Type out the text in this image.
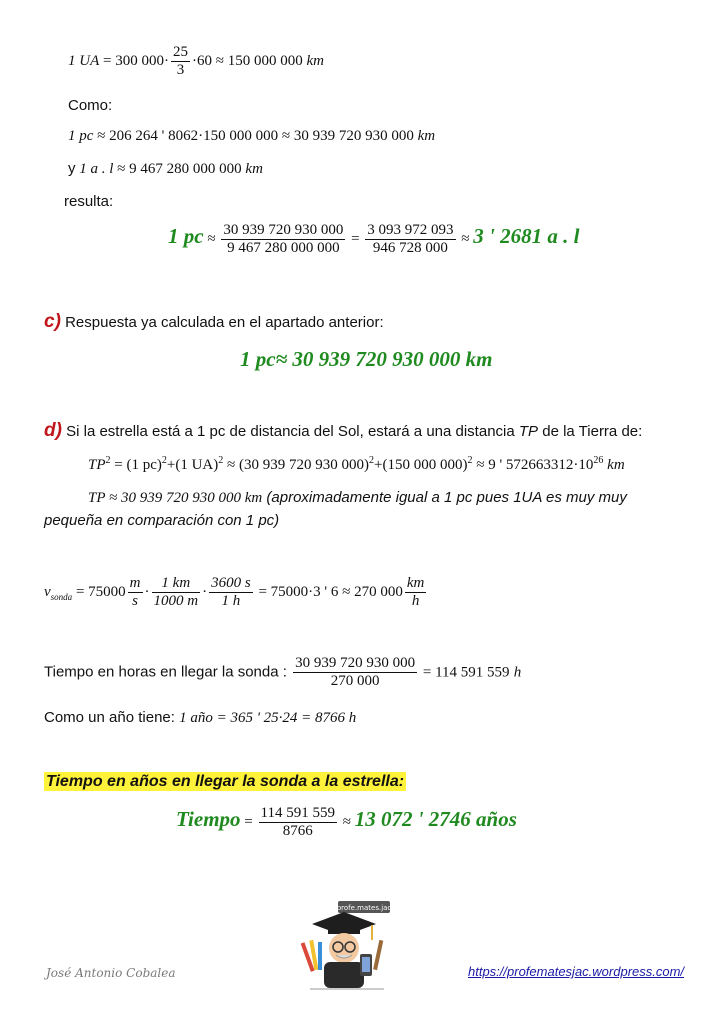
1 UA = 300 $000\cdot \frac{25}{3} \cdot 60 \approx 150$ 000 000 km
Como:
1 pc ≈ 206 264 ' 8062·150 000 000 ≈ 30 939 720 930 000 km
y 1 a . l ≈ 9 467 280 000 000 km
resulta:
1 pc ≈ $\frac{30 939 720 930 000}{9 467 280 000 000} = \frac{3 093 972 093}{946 728 000} \approx 3$ ' 2681 a . l
c) Respuesta ya calculada en el apartado anterior:
1 pc≈ 30 939 720 930 000 km
d) Si la estrella está a 1 pc de distancia del Sol, estará a una distancia TP de la Tierra de:
$TP^2 = (1$ pc)$^2$+(1 UA)$^2$ ≈ (30 939 720 930 000)$^2$+(150 000 000)$^2$ ≈ 9 ' $572663312\cdot 10^{26}$ km
TP ≈ 30 939 720 930 000 km (aproximadamente igual a 1 pc pues 1UA es muy muy
pequeña en comparación con 1 pc)
$v_{sonda} = 75000 \frac{m}{s} \cdot \frac{1 km}{1000 m} \cdot \frac{3600 s}{1 h} = 75000\cdot 3$ ' 6 ≈ 270 $000 \frac{km}{h}$
Tiempo en horas en llegar la sonda : $\frac{30 939 720 930 000}{270 000} = 114$ 591 559 h
Como un año tiene: 1 año = 365 ' 25·24 = 8766 h
Tiempo en años en llegar la sonda a la estrella:
Tiempo = $\frac{114 591 559}{8766} \approx 13$ 072 ' 2746 años
profe.mates.jac
José Antonio Cobalea	https://profematesjac.wordpress.com/
